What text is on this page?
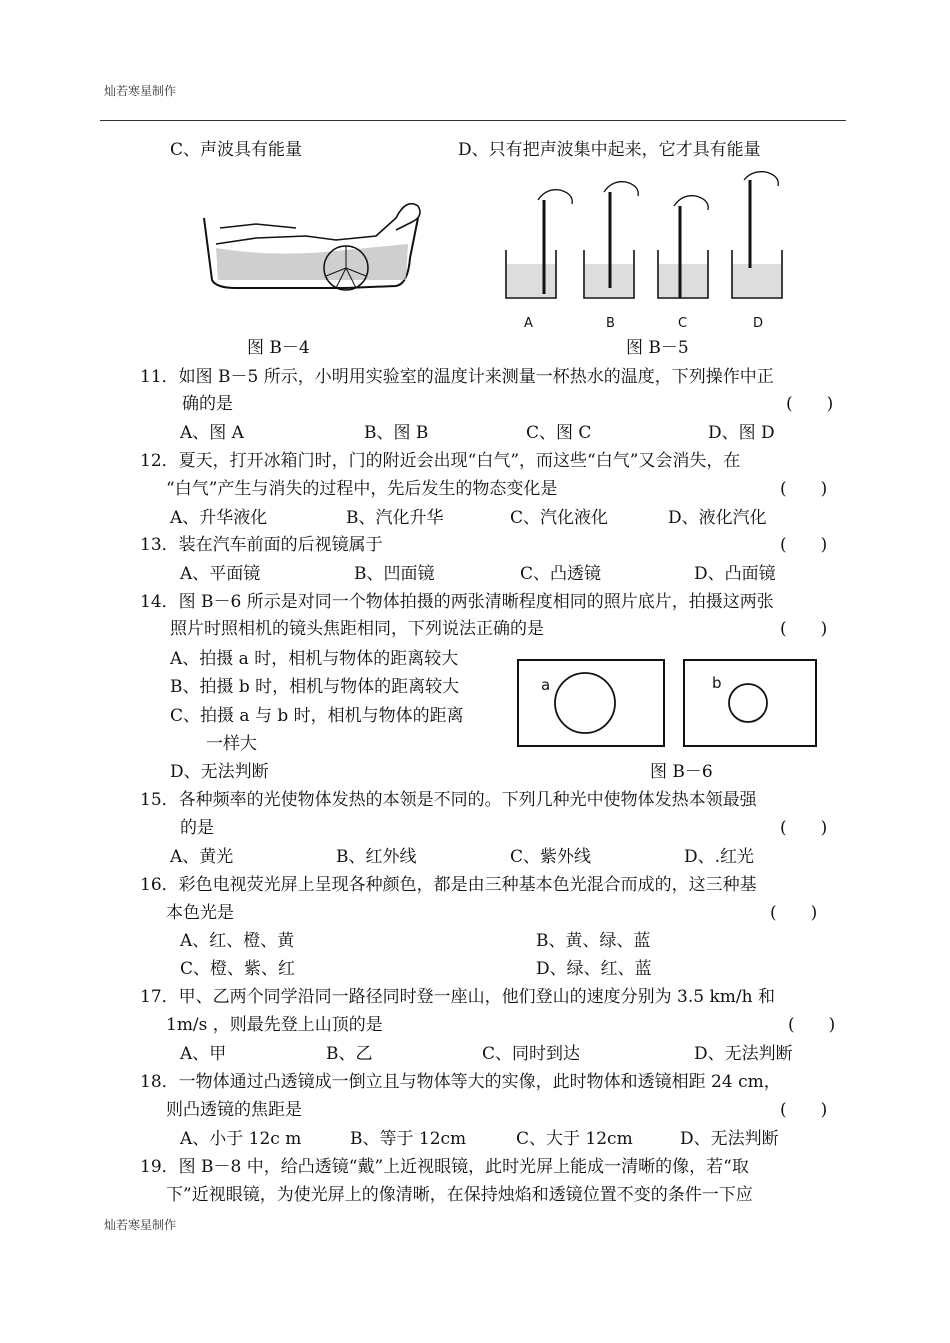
灿若寒星制作
C、声波具有能量	D、只有把声波集中起来，它才具有能量
图 B－4
A	B	C	D
图 B－5
11．如图 B－5 所示，小明用实验室的温度计来测量一杯热水的温度，下列操作中正
确的是	(　　)
A、图 A	B、图 B	C、图 C	D、图 D
12．夏天，打开冰箱门时，门的附近会出现“白气”，而这些“白气”又会消失，在
“白气”产生与消失的过程中，先后发生的物态变化是	(　　)
A、升华液化	B、汽化升华	C、汽化液化	D、液化汽化
13．装在汽车前面的后视镜属于	(　　)
A、平面镜	B、凹面镜	C、凸透镜	D、凸面镜
14．图 B－6 所示是对同一个物体拍摄的两张清晰程度相同的照片底片，拍摄这两张
照片时照相机的镜头焦距相同，下列说法正确的是	(　　)
A、拍摄 a 时，相机与物体的距离较大
B、拍摄 b 时，相机与物体的距离较大
C、拍摄 a 与 b 时，相机与物体的距离
一样大
D、无法判断
a	b
图 B－6
15．各种频率的光使物体发热的本领是不同的。下列几种光中使物体发热本领最强
的是	(　　)
A、黄光	B、红外线	C、紫外线	D、.红光
16．彩色电视荧光屏上呈现各种颜色，都是由三种基本色光混合而成的，这三种基
本色光是	(　　)
A、红、橙、黄	B、黄、绿、蓝
C、橙、紫、红	D、绿、红、蓝
17．甲、乙两个同学沿同一路径同时登一座山，他们登山的速度分别为 3.5 km/h 和
1m/s ，则最先登上山顶的是	(　　)
A、甲	B、乙	C、同时到达	D、无法判断
18．一物体通过凸透镜成一倒立且与物体等大的实像，此时物体和透镜相距 24 cm，
则凸透镜的焦距是	(　　)
A、小于 12c m	B、等于 12cm	C、大于 12cm	D、无法判断
19．图 B－8 中，给凸透镜“戴”上近视眼镜，此时光屏上能成一清晰的像，若“取
下”近视眼镜，为使光屏上的像清晰，在保持烛焰和透镜位置不变的条件一下应
灿若寒星制作
